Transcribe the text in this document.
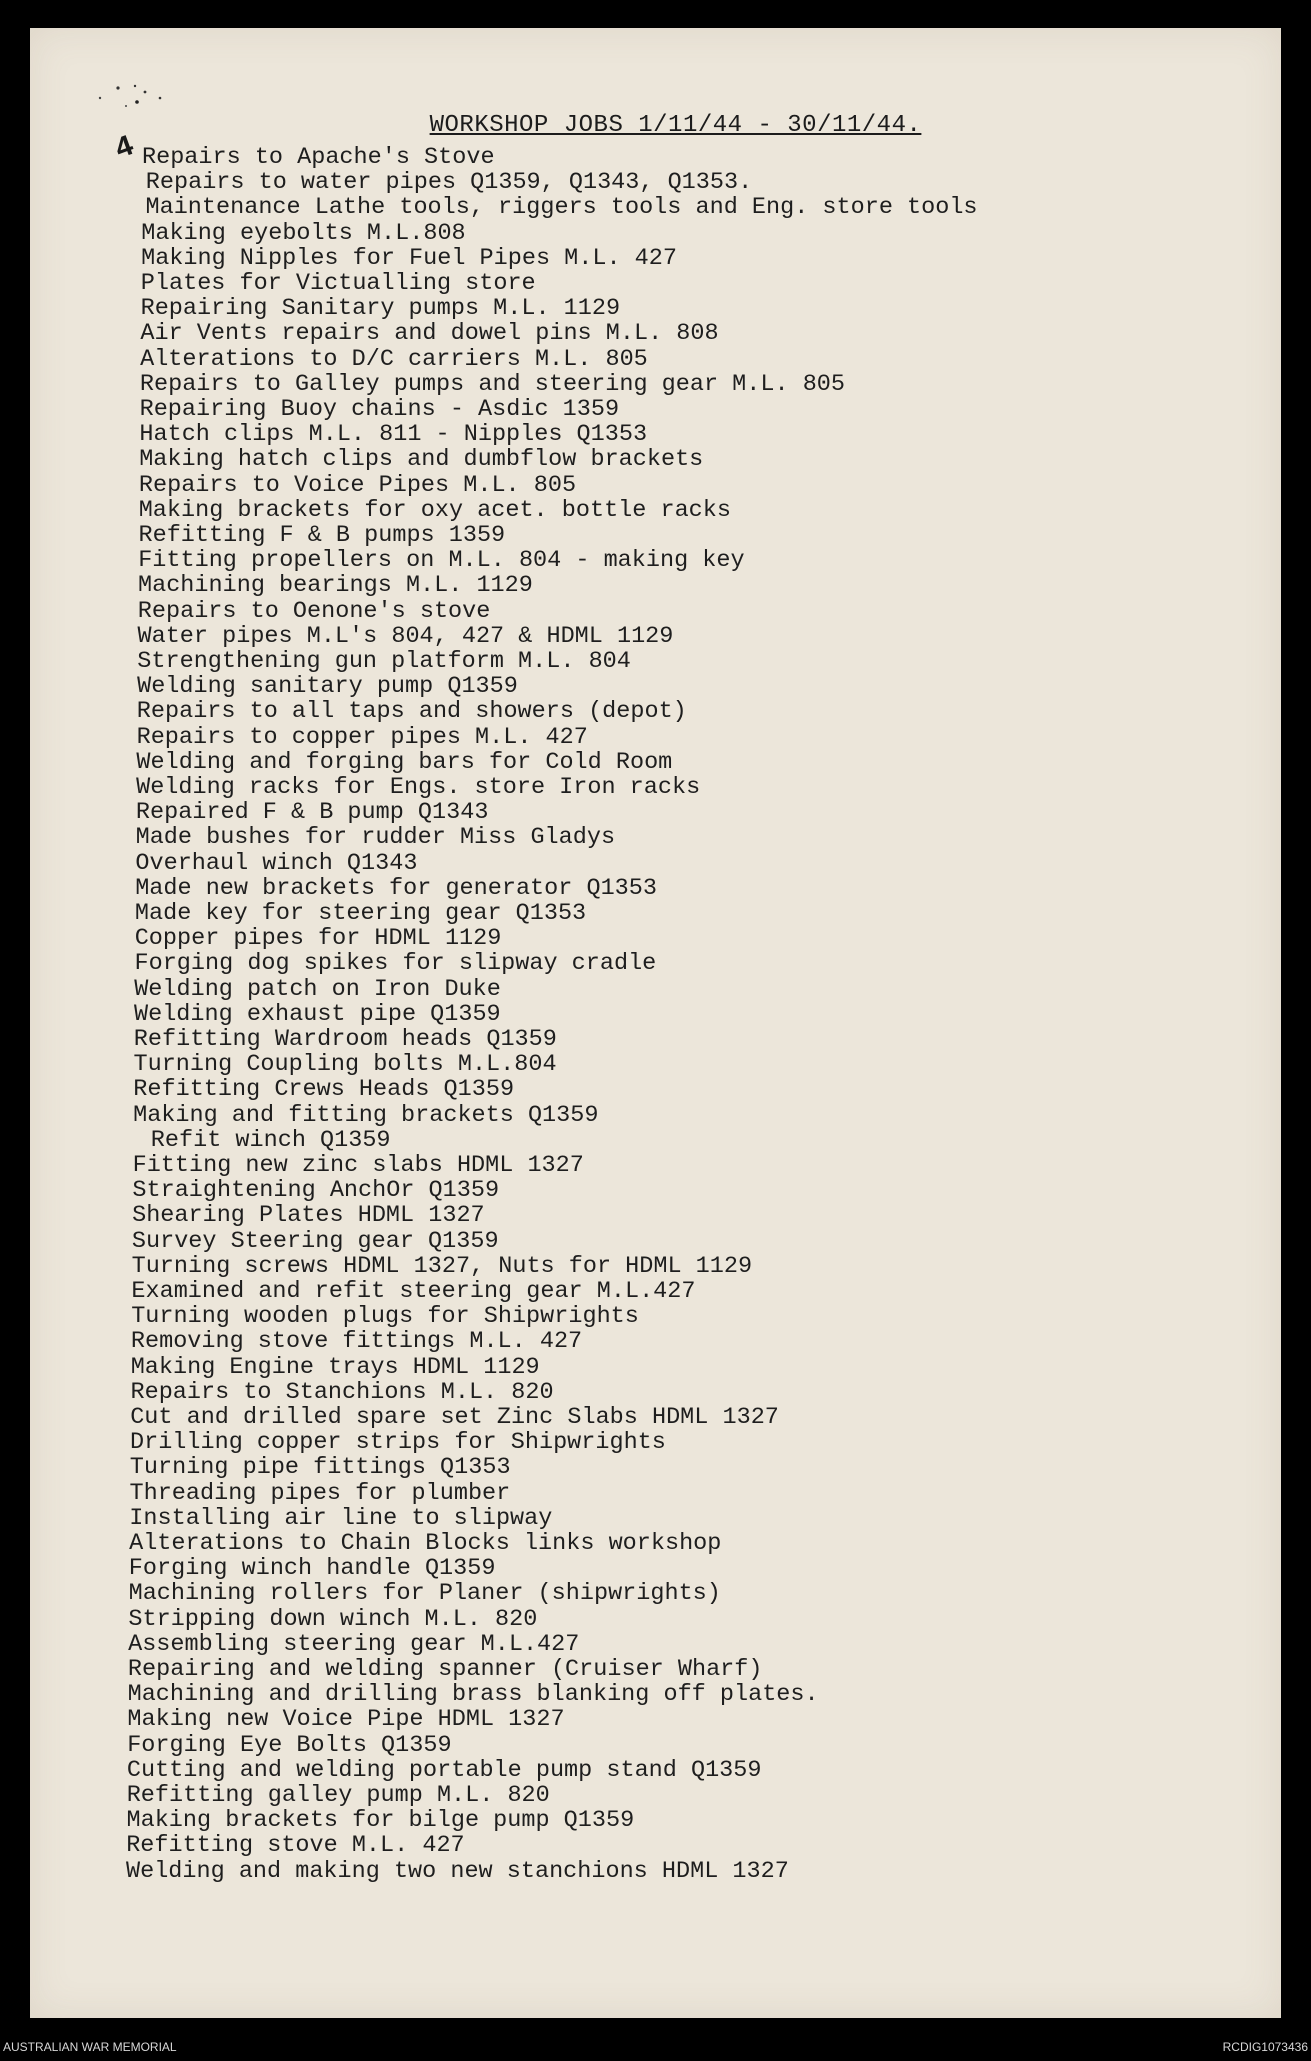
4
WORKSHOP JOBS 1/11/44 - 30/11/44.
Repairs to Apache's Stove
Repairs to water pipes Q1359, Q1343, Q1353.
Maintenance Lathe tools, riggers tools and Eng. store tools
Making eyebolts M.L.808
Making Nipples for Fuel Pipes M.L. 427
Plates for Victualling store
Repairing Sanitary pumps M.L. 1129
Air Vents repairs and dowel pins M.L. 808
Alterations to D/C carriers M.L. 805
Repairs to Galley pumps and steering gear M.L. 805
Repairing Buoy chains - Asdic 1359
Hatch clips M.L. 811 - Nipples Q1353
Making hatch clips and dumbflow brackets
Repairs to Voice Pipes M.L. 805
Making brackets for oxy acet. bottle racks
Refitting F & B pumps 1359
Fitting propellers on M.L. 804 - making key
Machining bearings M.L. 1129
Repairs to Oenone's stove
Water pipes M.L's 804, 427 & HDML 1129
Strengthening gun platform M.L. 804
Welding sanitary pump Q1359
Repairs to all taps and showers (depot)
Repairs to copper pipes M.L. 427
Welding and forging bars for Cold Room
Welding racks for Engs. store Iron racks
Repaired F & B pump Q1343
Made bushes for rudder Miss Gladys
Overhaul winch Q1343
Made new brackets for generator Q1353
Made key for steering gear Q1353
Copper pipes for HDML 1129
Forging dog spikes for slipway cradle
Welding patch on Iron Duke
Welding exhaust pipe Q1359
Refitting Wardroom heads Q1359
Turning Coupling bolts M.L.804
Refitting Crews Heads Q1359
Making and fitting brackets Q1359
Refit winch Q1359
Fitting new zinc slabs HDML 1327
Straightening AnchOr Q1359
Shearing Plates HDML 1327
Survey Steering gear Q1359
Turning screws HDML 1327, Nuts for HDML 1129
Examined and refit steering gear M.L.427
Turning wooden plugs for Shipwrights
Removing stove fittings M.L. 427
Making Engine trays HDML 1129
Repairs to Stanchions M.L. 820
Cut and drilled spare set Zinc Slabs HDML 1327
Drilling copper strips for Shipwrights
Turning pipe fittings Q1353
Threading pipes for plumber
Installing air line to slipway
Alterations to Chain Blocks links workshop
Forging winch handle Q1359
Machining rollers for Planer (shipwrights)
Stripping down winch M.L. 820
Assembling steering gear M.L.427
Repairing and welding spanner (Cruiser Wharf)
Machining and drilling brass blanking off plates.
Making new Voice Pipe HDML 1327
Forging Eye Bolts Q1359
Cutting and welding portable pump stand Q1359
Refitting galley pump M.L. 820
Making brackets for bilge pump Q1359
Refitting stove M.L. 427
Welding and making two new stanchions HDML 1327
AUSTRALIAN WAR MEMORIAL	RCDIG1073436
